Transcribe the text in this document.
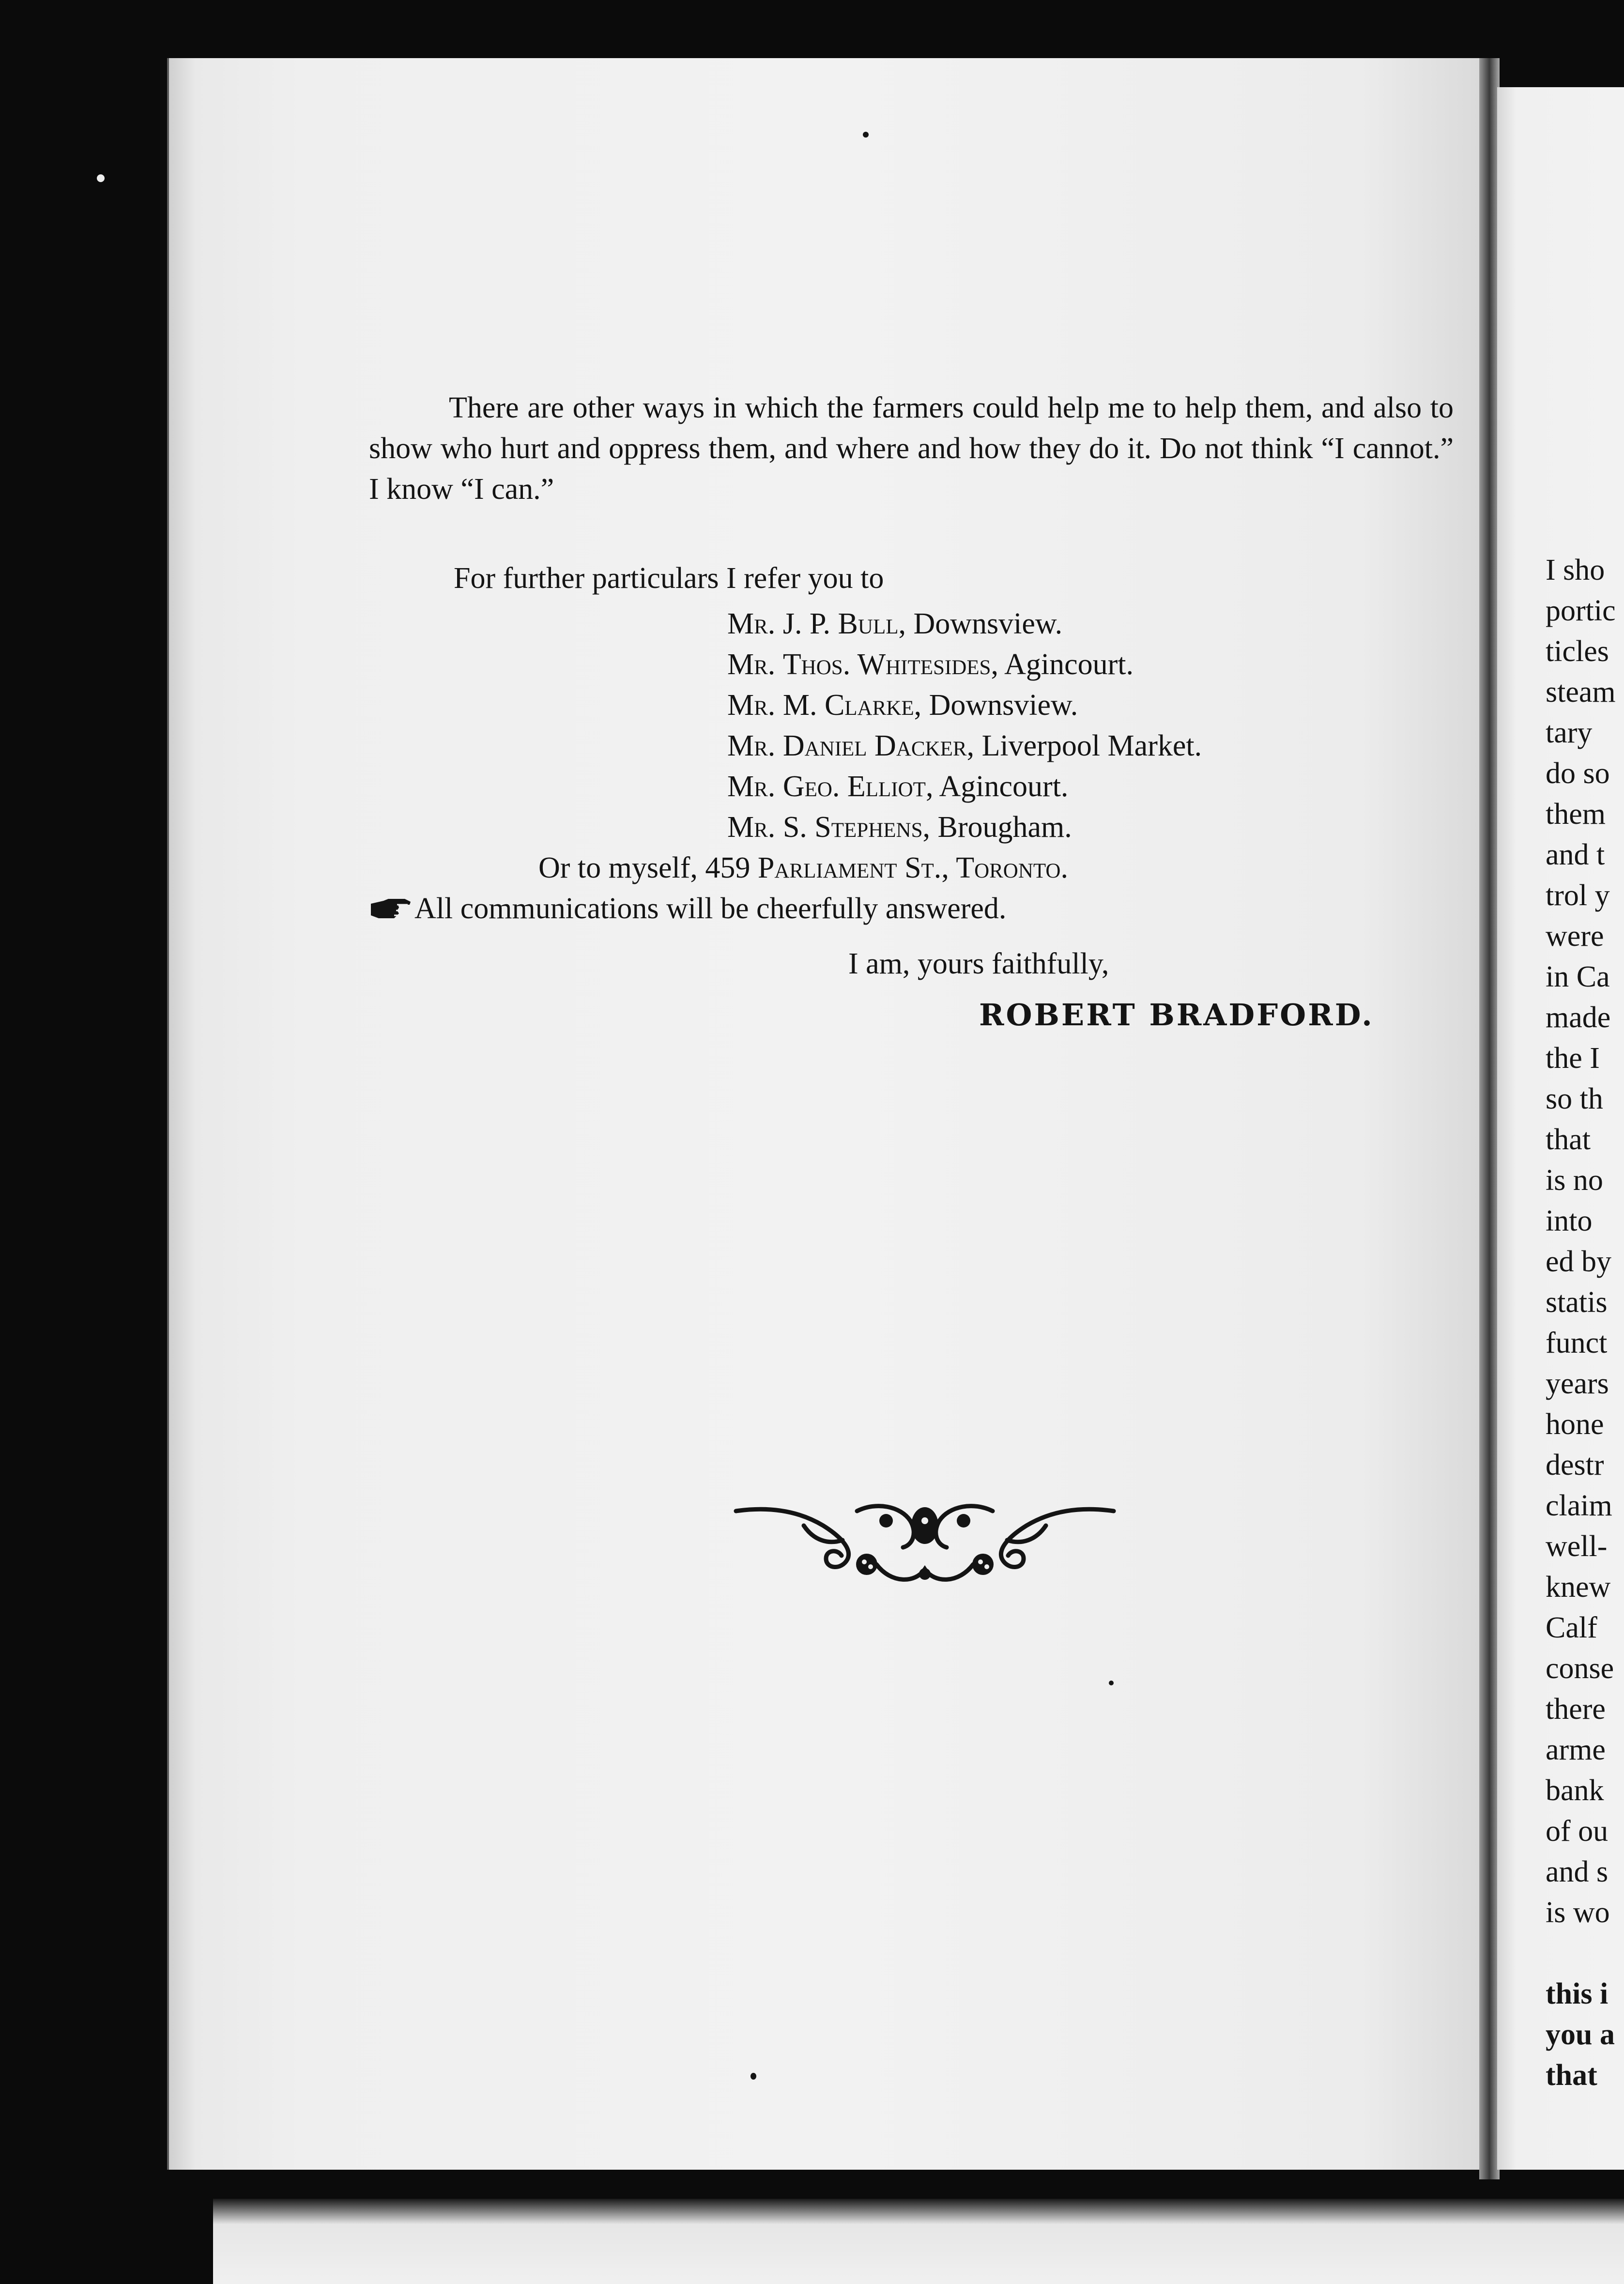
There are other ways in which the farmers could help me to help them, and also to show who hurt and oppress them, and where and how they do it. Do not think “I cannot.” I know “I can.”

For further particulars I refer you to
Mr. J. P. Bull, Downsview.
Mr. Thos. Whitesides, Agincourt.
Mr. M. Clarke, Downsview.
Mr. Daniel Dacker, Liverpool Market.
Mr. Geo. Elliot, Agincourt.
Mr. S. Stephens, Brougham.
Or to myself, 459 Parliament St., Toronto.
All communications will be cheerfully answered.
I am, yours faithfully,
ROBERT BRADFORD.
I sho
portic
ticles
steam
tary
do so
them
and t
trol y
were
in Ca
made
the I
so th
that
is no
into
ed by
statis
funct
years
hone
destr
claim
well-
knew
Calf
conse
there
arme
bank
of ou
and s
is wo
this i
you a
that
